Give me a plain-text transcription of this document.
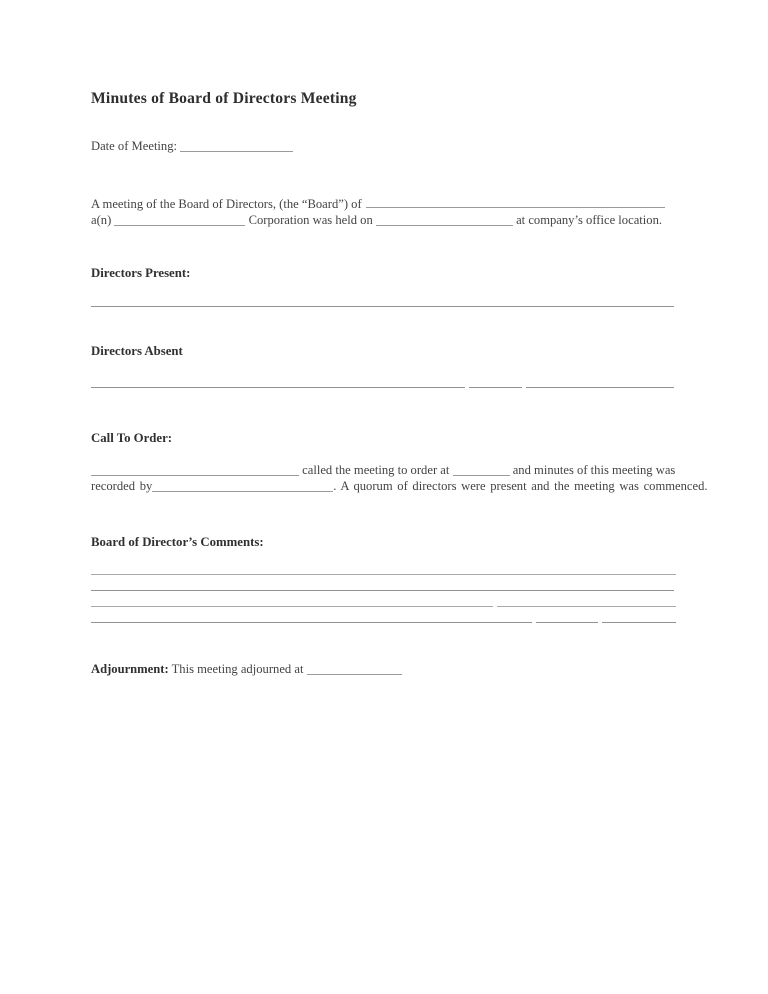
Minutes of Board of Directors Meeting
Date of Meeting:
A meeting of the Board of Directors, (the “Board”) of
a(n)	Corporation was held on	at company’s office location.
Directors Present:
Directors Absent
Call To Order:
called the meeting to order at	and minutes of this meeting was
recorded by	. A quorum of directors were present and the meeting was commenced.
Board of Director’s Comments:
Adjournment: This meeting adjourned at
